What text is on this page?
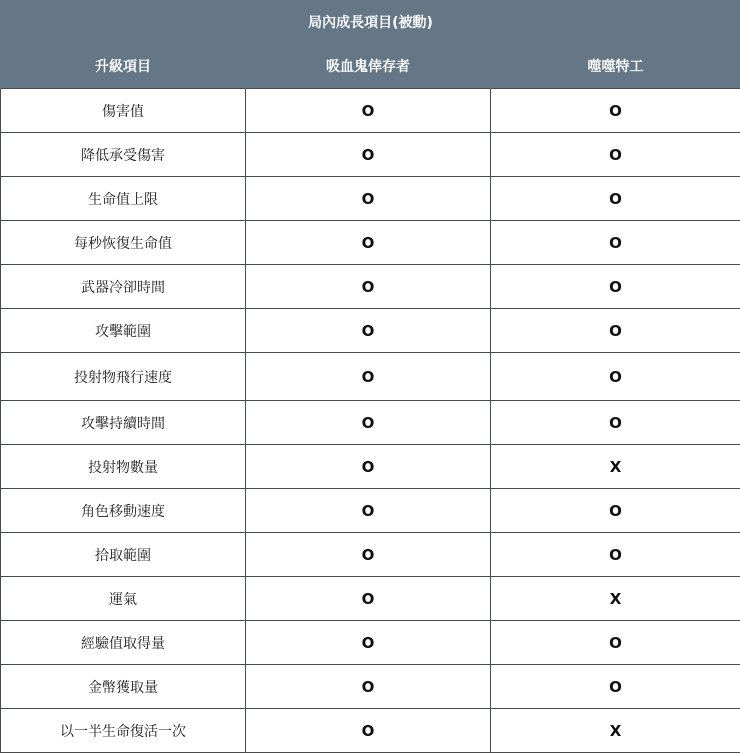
局內成長項目(被動)		
升級項目	吸血鬼倖存者	噬噬特工
傷害值	O	O
降低承受傷害	O	O
生命值上限	O	O
每秒恢復生命值	O	O
武器冷卻時間	O	O
攻擊範圍	O	O
投射物飛行速度	O	O
攻擊持續時間	O	O
投射物數量	O	X
角色移動速度	O	O
拾取範圍	O	O
運氣	O	X
經驗值取得量	O	O
金幣獲取量	O	O
以一半生命復活一次	O	X
